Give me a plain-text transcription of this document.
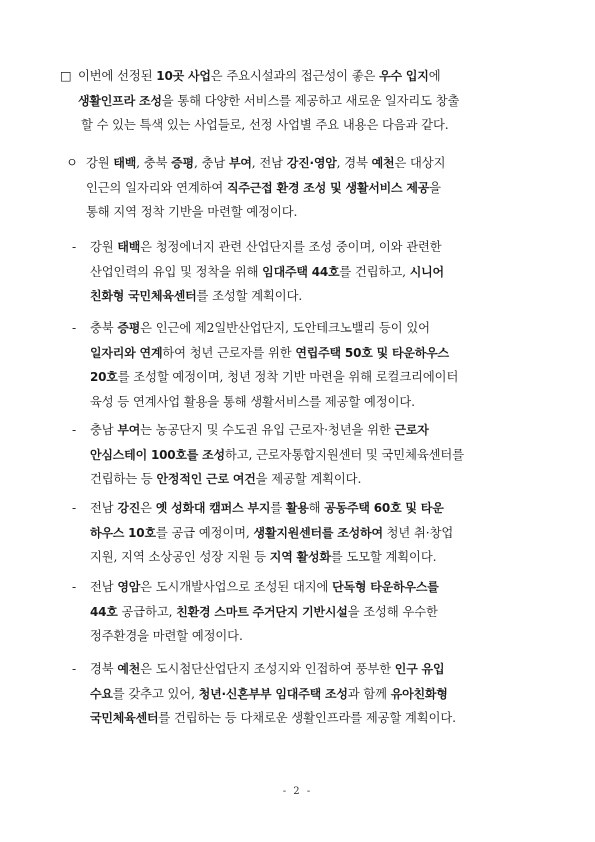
□ 이번에 선정된 10곳 사업은 주요시설과의 접근성이 좋은 우수 입지에
생활인프라 조성을 통해 다양한 서비스를 제공하고 새로운 일자리도 창출
할 수 있는 특색 있는 사업들로, 선정 사업별 주요 내용은 다음과 같다.
ㅇ 강원 태백, 충북 증평, 충남 부여, 전남 강진·영암, 경북 예천은 대상지
인근의 일자리와 연계하여 직주근접 환경 조성 및 생활서비스 제공을
통해 지역 정착 기반을 마련할 예정이다.
- 강원 태백은 청정에너지 관련 산업단지를 조성 중이며, 이와 관련한
산업인력의 유입 및 정착을 위해 임대주택 44호를 건립하고, 시니어
친화형 국민체육센터를 조성할 계획이다.
- 충북 증평은 인근에 제2일반산업단지, 도안테크노밸리 등이 있어
일자리와 연계하여 청년 근로자를 위한 연립주택 50호 및 타운하우스
20호를 조성할 예정이며, 청년 정착 기반 마련을 위해 로컬크리에이터
육성 등 연계사업 활용을 통해 생활서비스를 제공할 예정이다.
- 충남 부여는 농공단지 및 수도권 유입 근로자·청년을 위한 근로자
안심스테이 100호를 조성하고, 근로자통합지원센터 및 국민체육센터를
건립하는 등 안정적인 근로 여건을 제공할 계획이다.
- 전남 강진은 옛 성화대 캠퍼스 부지를 활용해 공동주택 60호 및 타운
하우스 10호를 공급 예정이며, 생활지원센터를 조성하여 청년 취·창업
지원, 지역 소상공인 성장 지원 등 지역 활성화를 도모할 계획이다.
- 전남 영암은 도시개발사업으로 조성된 대지에 단독형 타운하우스를
44호 공급하고, 친환경 스마트 주거단지 기반시설을 조성해 우수한
정주환경을 마련할 예정이다.
- 경북 예천은 도시첨단산업단지 조성지와 인접하여 풍부한 인구 유입
수요를 갖추고 있어, 청년·신혼부부 임대주택 조성과 함께 유아친화형
국민체육센터를 건립하는 등 다채로운 생활인프라를 제공할 계획이다.
- 2 -
